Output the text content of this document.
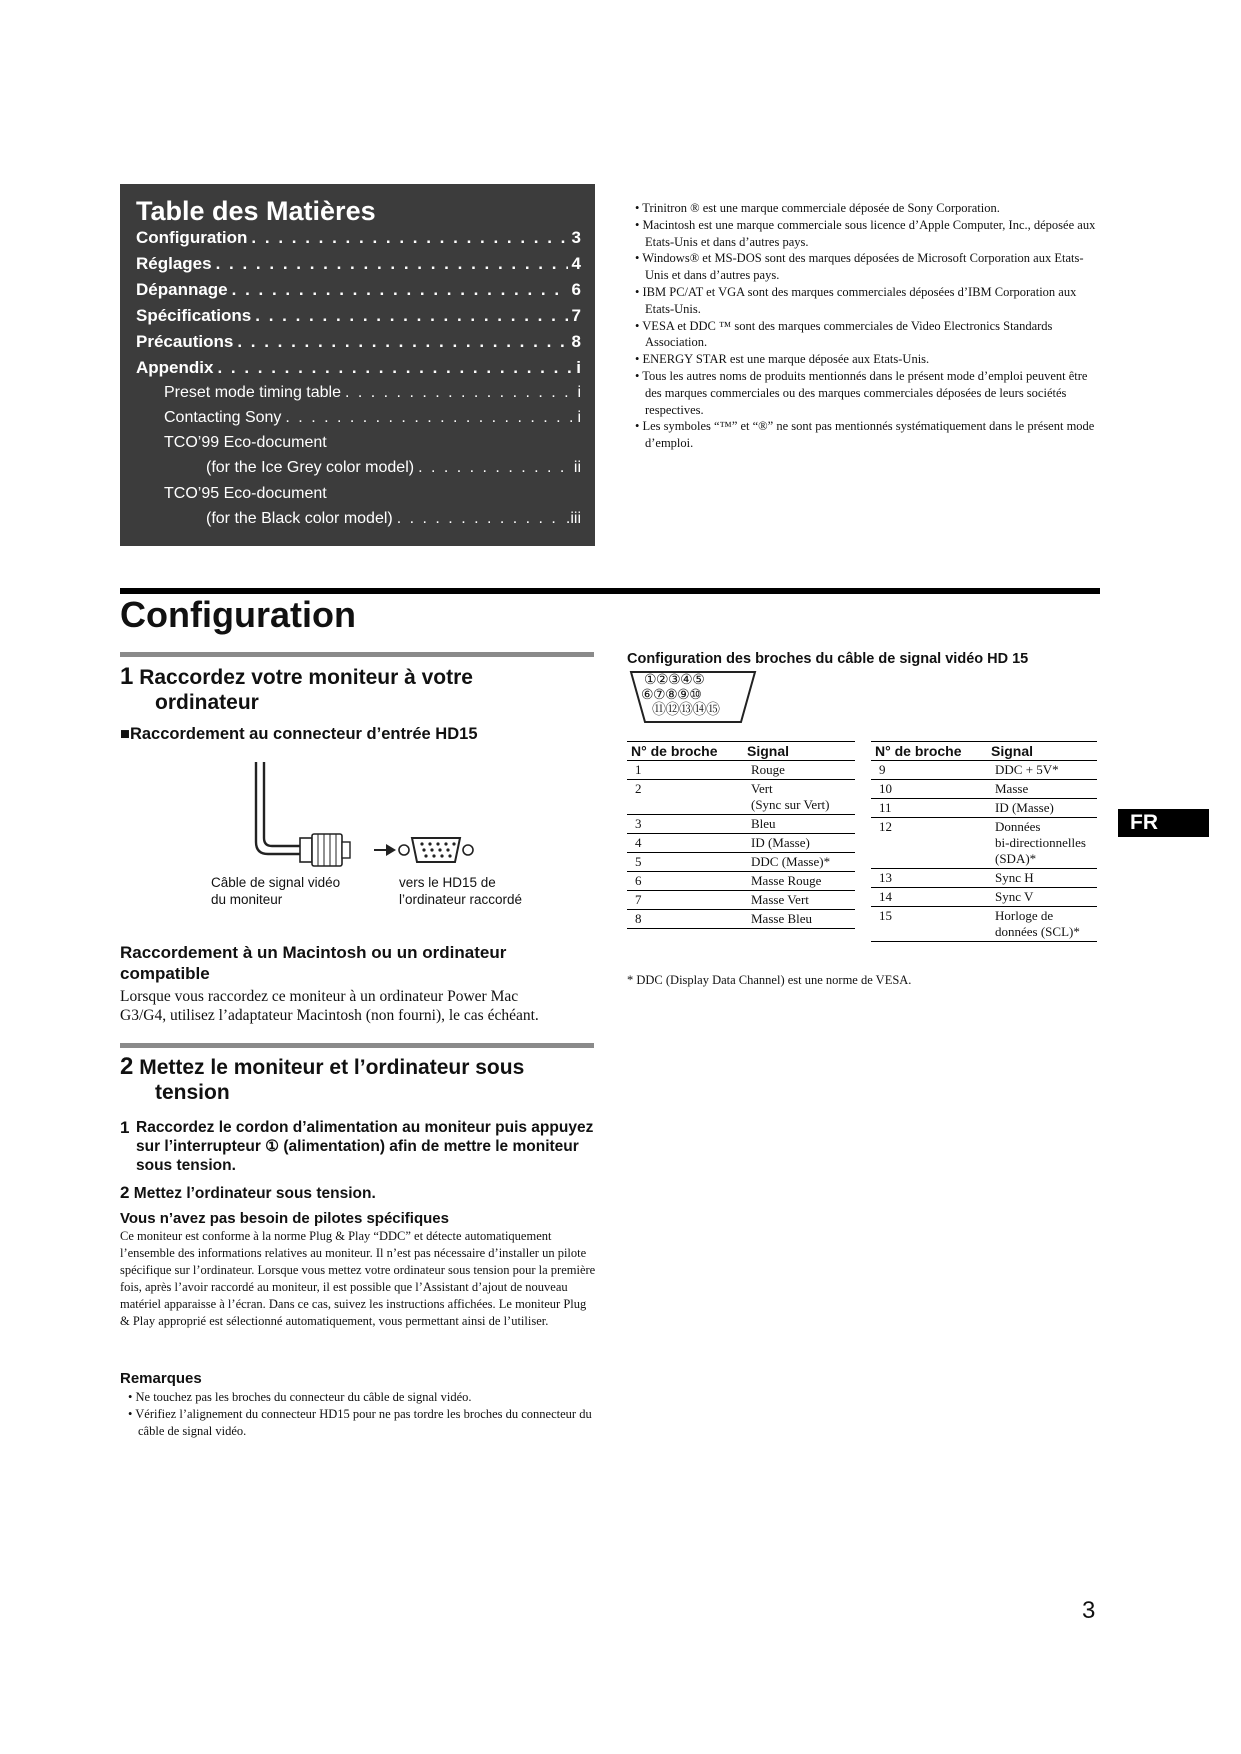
Table des Matières
Configuration . . .	3
Réglages . . .	4
Dépannage . . .	6
Spécifications . . .	7
Précautions . . .	8
Appendix . . .	i
Preset mode timing table . . .	i
Contacting Sony . . .	i
TCO’99 Eco-document
(for the Ice Grey color model) . . .	ii
TCO’95 Eco-document
(for the Black color model) . . .	.iii
• Trinitron ® est une marque commerciale déposée de Sony Corporation.
• Macintosh est une marque commerciale sous licence d’Apple Computer, Inc., déposée aux Etats-Unis et dans d’autres pays.
• Windows® et MS-DOS sont des marques déposées de Microsoft Corporation aux Etats-Unis et dans d’autres pays.
• IBM PC/AT et VGA sont des marques commerciales déposées d’IBM Corporation aux Etats-Unis.
• VESA et DDC ™ sont des marques commerciales de Video Electronics Standards Association.
• ENERGY STAR est une marque déposée aux Etats-Unis.
• Tous les autres noms de produits mentionnés dans le présent mode d’emploi peuvent être des marques commerciales ou des marques commerciales déposées de leurs sociétés respectives.
• Les symboles “™” et “®” ne sont pas mentionnés systématiquement dans le présent mode d’emploi.
Configuration
1 Raccordez votre moniteur à votre
ordinateur
■Raccordement au connecteur d’entrée HD15
Câble de signal vidéo
du moniteur
vers le HD15 de
l’ordinateur raccordé
Raccordement à un Macintosh ou un ordinateur
compatible
Lorsque vous raccordez ce moniteur à un ordinateur Power Mac
G3/G4, utilisez l’adaptateur Macintosh (non fourni), le cas échéant.
2 Mettez le moniteur et l’ordinateur sous
tension
1 Raccordez le cordon d’alimentation au moniteur puis appuyez sur l’interrupteur ① (alimentation) afin de mettre le moniteur sous tension.
2 Mettez l’ordinateur sous tension.
Vous n’avez pas besoin de pilotes spécifiques
Ce moniteur est conforme à la norme Plug & Play “DDC” et détecte automatiquement l’ensemble des informations relatives au moniteur. Il n’est pas nécessaire d’installer un pilote spécifique sur l’ordinateur. Lorsque vous mettez votre ordinateur sous tension pour la première fois, après l’avoir raccordé au moniteur, il est possible que l’Assistant d’ajout de nouveau matériel apparaisse à l’écran. Dans ce cas, suivez les instructions affichées. Le moniteur Plug & Play approprié est sélectionné automatiquement, vous permettant ainsi de l’utiliser.
Remarques
• Ne touchez pas les broches du connecteur du câble de signal vidéo.
• Vérifiez l’alignement du connecteur HD15 pour ne pas tordre les broches du connecteur du câble de signal vidéo.
Configuration des broches du câble de signal vidéo HD 15
①②③④⑤
⑥⑦⑧⑨⑩
⑪⑫⑬⑭⑮
N° de broche	Signal
1	Rouge
2	Vert
(Sync sur Vert)
3	Bleu
4	ID (Masse)
5	DDC (Masse)*
6	Masse Rouge
7	Masse Vert
8	Masse Bleu
N° de broche	Signal
9	DDC + 5V*
10	Masse
11	ID (Masse)
12	Données
bi-directionnelles
(SDA)*
13	Sync H
14	Sync V
15	Horloge de
données (SCL)*
* DDC (Display Data Channel) est une norme de VESA.
FR
3
